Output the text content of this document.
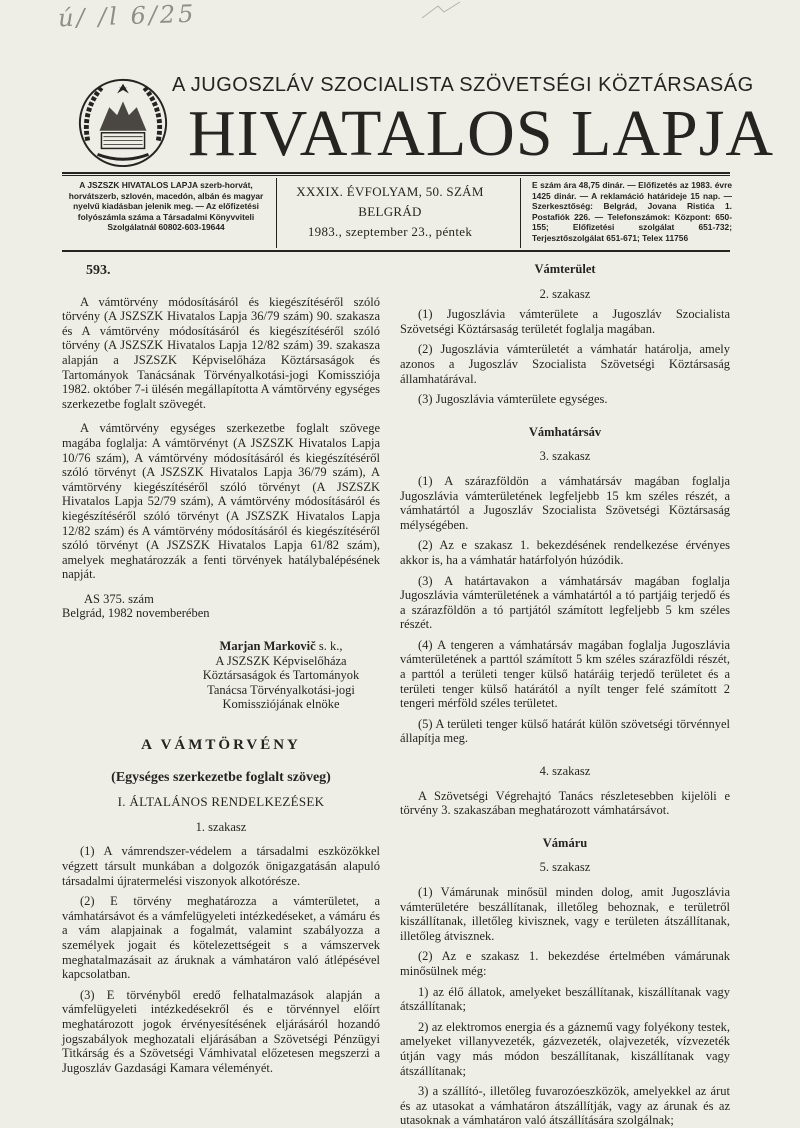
ú/ /l 6/25
A JUGOSZLÁV SZOCIALISTA SZÖVETSÉGI KÖZTÁRSASÁG
HIVATALOS LAPJA
A JSZSZK HIVATALOS LAPJA szerb-horvát, horvátszerb, szlovén, macedón, albán és magyar nyelvű kiadásban jelenik meg. — Az előfizetési folyószámla száma a Társadalmi Könyvviteli Szolgálatnál 60802-603-19644
XXXIX. ÉVFOLYAM, 50. SZÁM
BELGRÁD
1983., szeptember 23., péntek
E szám ára 48,75 dinár. — Előfizetés az 1983. évre 1425 dinár. — A reklamáció határideje 15 nap. — Szerkesztőség: Belgrád, Jovana Ristića 1. Postafiók 226. — Telefonszámok: Központ: 650-155; Előfizetési szolgálat 651-732; Terjesztőszolgálat 651-671; Telex 11756

593.

A vámtörvény módosításáról és kiegészítéséről szóló törvény (A JSZSZK Hivatalos Lapja 36/79 szám) 90. szakasza és A vámtörvény módosításáról és kiegészítéséről szóló törvény (A JSZSZK Hivatalos Lapja 12/82 szám) 39. szakasza alapján a JSZSZK Képviselőháza Köztársaságok és Tartományok Tanácsának Törvényalkotási-jogi Komissziója 1982. október 7-i ülésén megállapította A vámtörvény egységes szerkezetbe foglalt szövegét.

A vámtörvény egységes szerkezetbe foglalt szövege magába foglalja: A vámtörvényt (A JSZSZK Hivatalos Lapja 10/76 szám), A vámtörvény módosításáról és kiegészítéséről szóló törvényt (A JSZSZK Hivatalos Lapja 36/79 szám), A vámtörvény kiegészítéséről szóló törvényt (A JSZSZK Hivatalos Lapja 52/79 szám), A vámtörvény módosításáról és kiegészítéséről szóló törvényt (A JSZSZK Hivatalos Lapja 12/82 szám) és A vámtörvény módosításáról és kiegészítéséről szóló törvényt (A JSZSZK Hivatalos Lapja 61/82 szám), amelyek meghatározzák a fenti törvények hatálybalépésének napját.

AS 375. szám

Belgrád, 1982 novemberében

Marjan Markovič s. k.,

A JSZSZK Képviselőháza Köztársaságok és Tartományok Tanácsa Törvényalkotási-jogi Komissziójának elnöke

A VÁMTÖRVÉNY

(Egységes szerkezetbe foglalt szöveg)

I. ÁLTALÁNOS RENDELKEZÉSEK

1. szakasz

(1) A vámrendszer-védelem a társadalmi eszközökkel végzett társult munkában a dolgozók önigazgatásán alapuló társadalmi újratermelési viszonyok alkotórésze.

(2) E törvény meghatározza a vámterületet, a vámhatársávot és a vámfelügyeleti intézkedéseket, a vámáru és a vám alapjainak a fogalmát, valamint szabályozza a személyek jogait és kötelezettségeit s a vámszervek meghatalmazásait az áruknak a vámhatáron való átlépésével kapcsolatban.

(3) E törvényből eredő felhatalmazások alapján a vámfelügyeleti intézkedésekről és e törvénnyel előírt meghatározott jogok érvényesítésének eljárásáról hozandó jogszabályok meghozatali eljárásában a Szövetségi Pénzügyi Titkárság és a Szövetségi Vámhivatal előzetesen megszerzi a Jugoszláv Gazdasági Kamara véleményét.

Vámterület

2. szakasz

(1) Jugoszlávia vámterülete a Jugoszláv Szocialista Szövetségi Köztársaság területét foglalja magában.

(2) Jugoszlávia vámterületét a vámhatár határolja, amely azonos a Jugoszláv Szocialista Szövetségi Köztársaság államhatárával.

(3) Jugoszlávia vámterülete egységes.

Vámhatársáv

3. szakasz

(1) A szárazföldön a vámhatársáv magában foglalja Jugoszlávia vámterületének legfeljebb 15 km széles részét, a vámhatártól a Jugoszláv Szocialista Szövetségi Köztársaság mélységében.

(2) Az e szakasz 1. bekezdésének rendelkezése érvényes akkor is, ha a vámhatár határfolyón húzódik.

(3) A határtavakon a vámhatársáv magában foglalja Jugoszlávia vámterületének a vámhatártól a tó partjáig terjedő és a szárazföldön a tó partjától számított legfeljebb 5 km széles részét.

(4) A tengeren a vámhatársáv magában foglalja Jugoszlávia vámterületének a parttól számított 5 km széles szárazföldi részét, a parttól a területi tenger külső határáig terjedő területet és a területi tenger külső határától a nyílt tenger felé számított 2 tengeri mérföld széles területet.

(5) A területi tenger külső határát külön szövetségi törvénnyel állapítja meg.

4. szakasz

A Szövetségi Végrehajtó Tanács részletesebben kijelöli e törvény 3. szakaszában meghatározott vámhatársávot.

Vámáru

5. szakasz

(1) Vámárunak minősül minden dolog, amit Jugoszlávia vámterületére beszállítanak, illetőleg behoznak, e területről kiszállítanak, illetőleg kivisznek, vagy e területen átszállítanak, illetőleg átvisznek.

(2) Az e szakasz 1. bekezdése értelmében vámárunak minősülnek még:

1) az élő állatok, amelyeket beszállítanak, kiszállítanak vagy átszállítanak;

2) az elektromos energia és a gáznemű vagy folyékony testek, amelyeket villanyvezeték, gázvezeték, olajvezeték, vízvezeték útján vagy más módon beszállítanak, kiszállítanak vagy átszállítanak;

3) a szállító-, illetőleg fuvarozóeszközök, amelyekkel az árut és az utasokat a vámhatáron átszállítják, vagy az árunak és az utasoknak a vámhatáron való átszállítására szolgálnak;
